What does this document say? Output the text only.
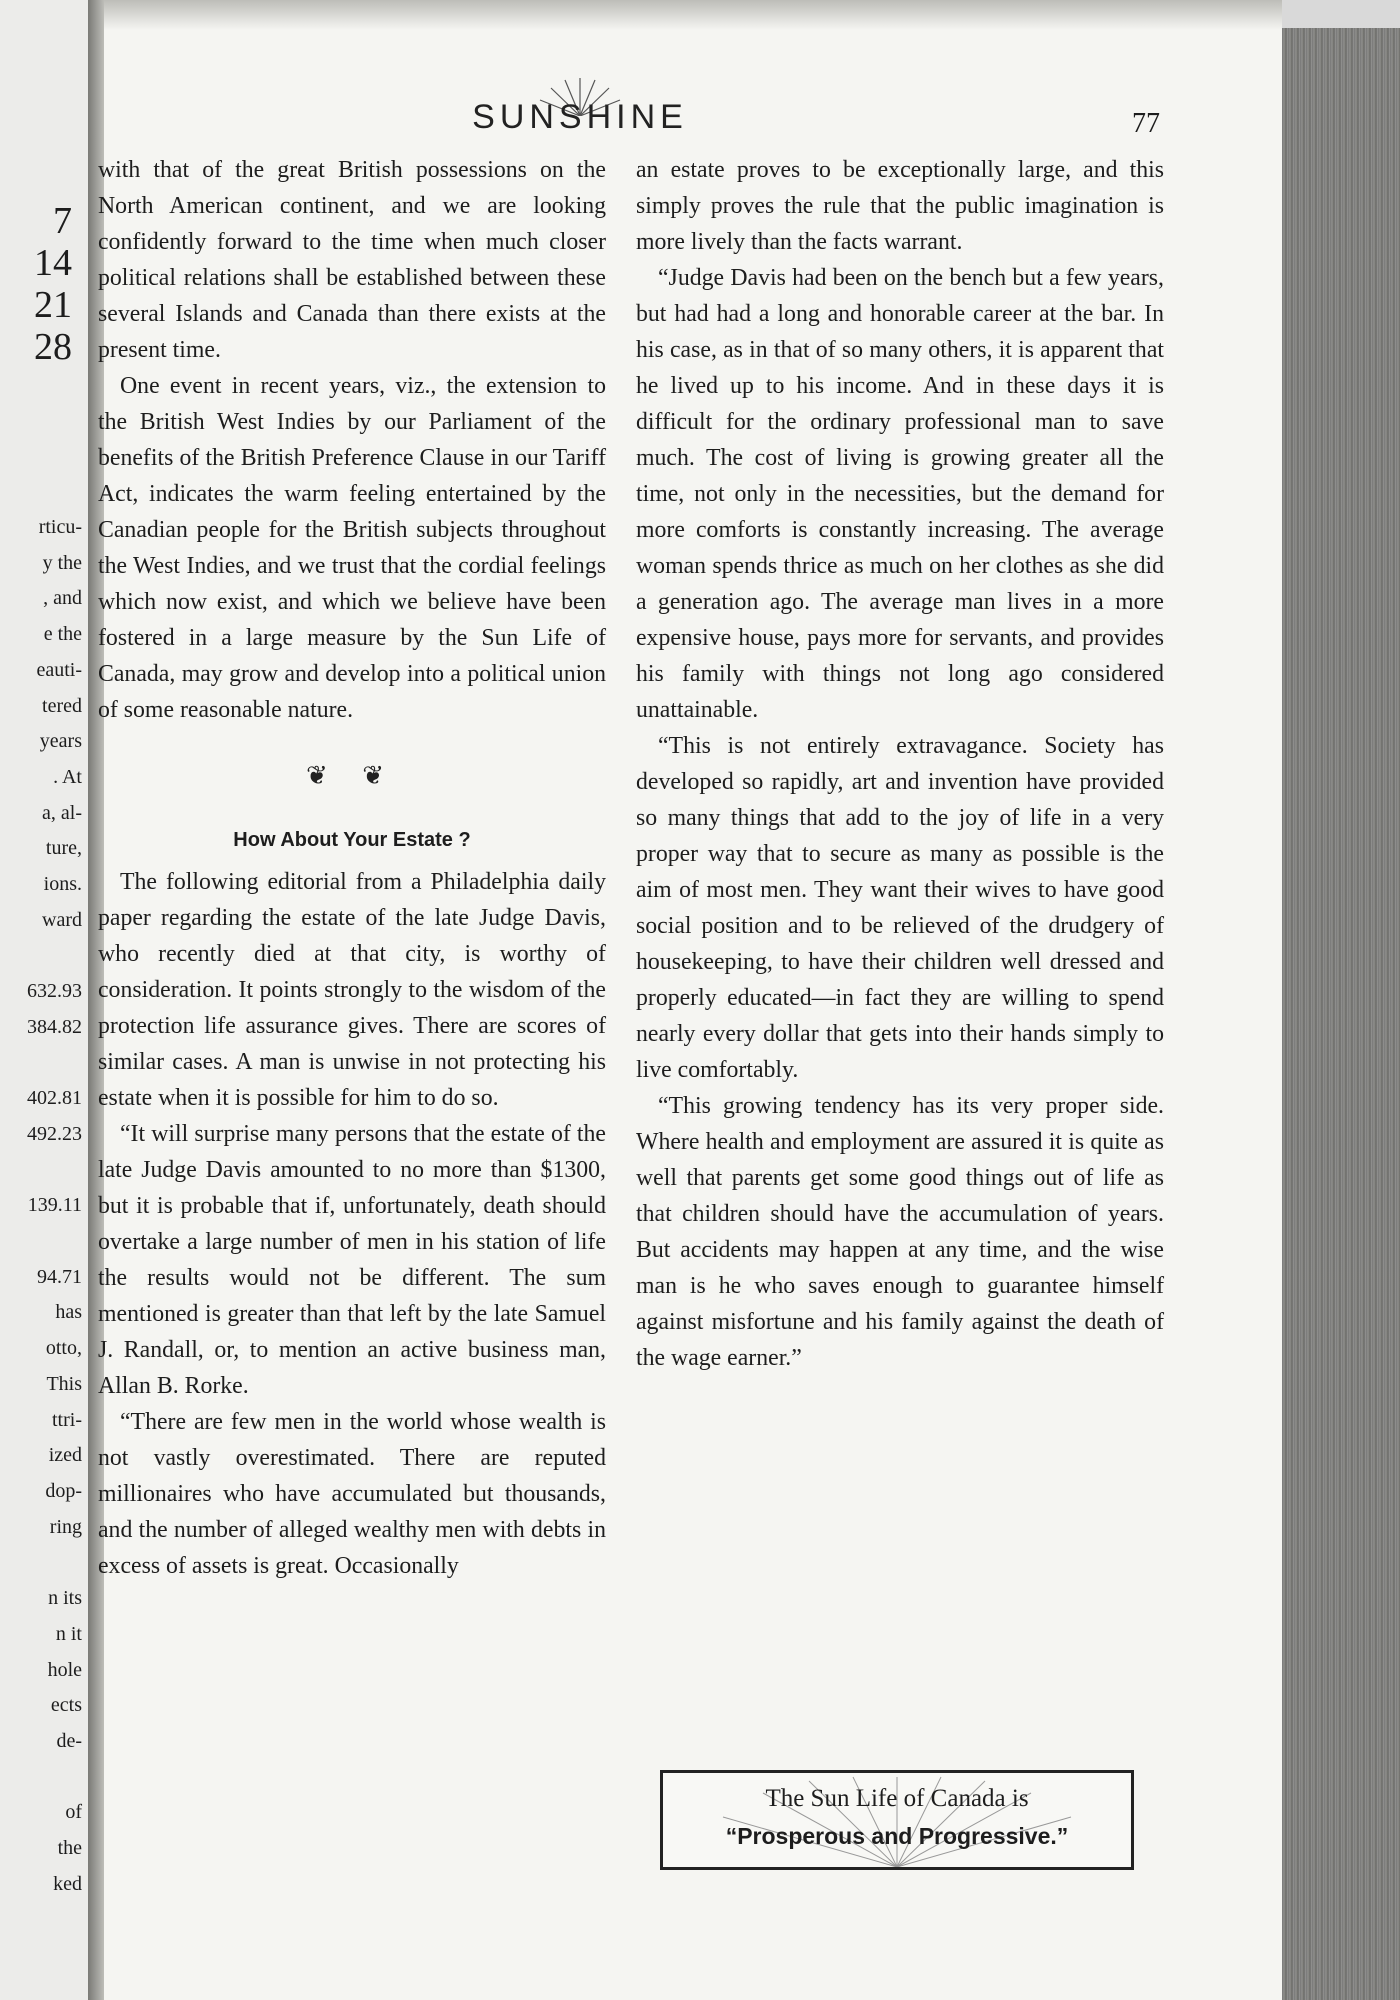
7
14
21
28
rticu-
y the
, and
e the
eauti-
tered
years
. At
a, al-
ture,
ions.
ward

632.93
384.82

402.81
492.23

139.11

94.71
has
otto,
This
ttri-
ized
dop-
ring

n its
n it
hole
ects
de-

of
the
ked
SUNSHINE	77

with that of the great British possessions on the North American continent, and we are looking confidently forward to the time when much closer political relations shall be established between these several Islands and Canada than there exists at the present time.

One event in recent years, viz., the extension to the British West Indies by our Parliament of the benefits of the British Preference Clause in our Tariff Act, indicates the warm feeling entertained by the Canadian people for the British subjects throughout the West Indies, and we trust that the cordial feelings which now exist, and which we believe have been fostered in a large measure by the Sun Life of Canada, may grow and develop into a political union of some reasonable nature.

❦ ❦
How About Your Estate ?

The following editorial from a Philadelphia daily paper regarding the estate of the late Judge Davis, who recently died at that city, is worthy of consideration. It points strongly to the wisdom of the protection life assurance gives. There are scores of similar cases. A man is unwise in not protecting his estate when it is possible for him to do so.

“It will surprise many persons that the estate of the late Judge Davis amounted to no more than $1300, but it is probable that if, unfortunately, death should overtake a large number of men in his station of life the results would not be different. The sum mentioned is greater than that left by the late Samuel J. Randall, or, to mention an active business man, Allan B. Rorke.

“There are few men in the world whose wealth is not vastly overestimated. There are reputed millionaires who have accumulated but thousands, and the number of alleged wealthy men with debts in excess of assets is great. Occasionally

an estate proves to be exceptionally large, and this simply proves the rule that the public imagination is more lively than the facts warrant.

“Judge Davis had been on the bench but a few years, but had had a long and honorable career at the bar. In his case, as in that of so many others, it is apparent that he lived up to his income. And in these days it is difficult for the ordinary professional man to save much. The cost of living is growing greater all the time, not only in the necessities, but the demand for more comforts is constantly increasing. The average woman spends thrice as much on her clothes as she did a generation ago. The average man lives in a more expensive house, pays more for servants, and provides his family with things not long ago considered unattainable.

“This is not entirely extravagance. Society has developed so rapidly, art and invention have provided so many things that add to the joy of life in a very proper way that to secure as many as possible is the aim of most men. They want their wives to have good social position and to be relieved of the drudgery of housekeeping, to have their children well dressed and properly educated—in fact they are willing to spend nearly every dollar that gets into their hands simply to live comfortably.

“This growing tendency has its very proper side. Where health and employment are assured it is quite as well that parents get some good things out of life as that children should have the accumulation of years. But accidents may happen at any time, and the wise man is he who saves enough to guarantee himself against misfortune and his family against the death of the wage earner.”

The Sun Life of Canada is
“Prosperous and Progressive.”
